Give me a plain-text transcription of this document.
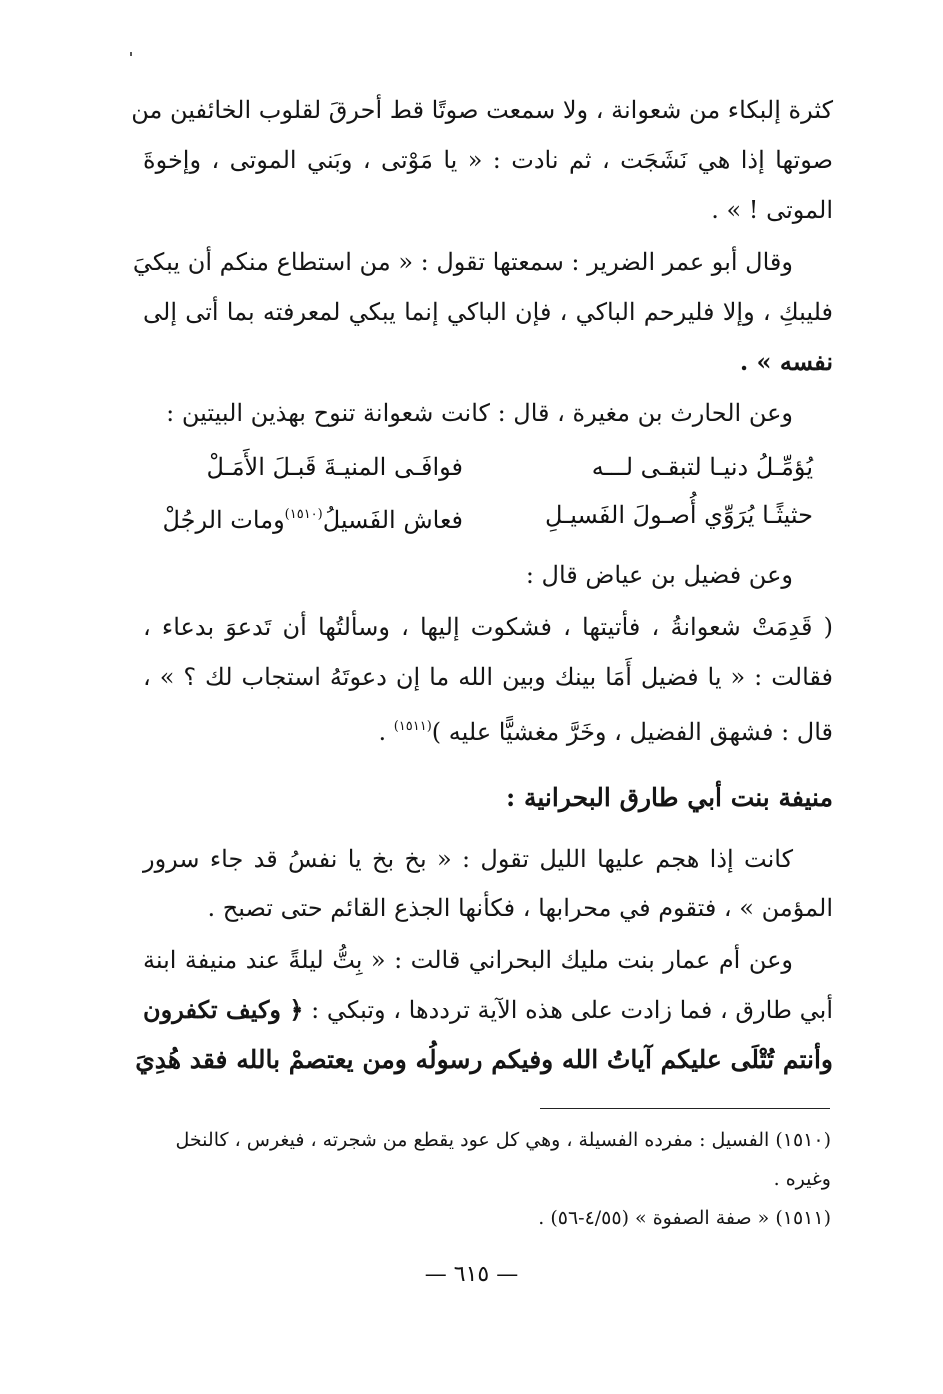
كثرة إلبكاء من شعوانة ، ولا سمعت صوتًا قط أحرقَ لقلوب الخائفين من
صوتها إذا هي نَشَجَت ، ثم نادت : « يا مَوْتى ، وبَني الموتى ، وإخوةَ
الموتى ! » .
وقال أبو عمر الضرير : سمعتها تقول : « من استطاع منكم أن يبكيَ
فليبكِ ، وإلا فليرحم الباكي ، فإن الباكي إنما يبكي لمعرفته بما أتى إلى
نفسه » .
وعن الحارث بن مغيرة ، قال : كانت شعوانة تنوح بهذين البيتين :
يُؤمِّـلُ دنيـا لتبقـى لـــه
فوافَـى المنيـةَ قَبـلَ الأَمَـلْ
حثيثًـا يُرَوِّي أُصـولَ الفَسيـلِ
فعاش الفَسيلُ$^{(١٥١٠)}$ومات الرجُلْ
وعن فضيل بن عياض قال :
( قَدِمَتْ شعوانةُ ، فأتيتها ، فشكوت إليها ، وسألتُها أن تَدعوَ بدعاء ،
فقالت : « يا فضيل أَمَا بينك وبين الله ما إن دعوتَهُ استجاب لك ؟ » ،
قال : فشهق الفضيل ، وخَرَّ مغشيًّا عليه )$^{(١٥١١)}$ .
منيفة بنت أبي طارق البحرانية :
كانت إذا هجم عليها الليل تقول : « بخ بخ يا نفسُ قد جاء سرور
المؤمن » ، فتقوم في محرابها ، فكأنها الجذع القائم حتى تصبح .
وعن أم عمار بنت مليك البحراني قالت : « بِتُّ ليلةً عند منيفة ابنة
أبي طارق ، فما زادت على هذه الآية ترددها ، وتبكي : ﴿ وكيف تكفرون
وأنتم تُتْلَى عليكم آياتُ الله وفيكم رسولُه ومن يعتصمْ بالله فقد هُدِيَ
(١٥١٠) الفسيل : مفرده الفسيلة ، وهي كل عود يقطع من شجرته ، فيغرس ، كالنخل
وغيره .
(١٥١١) « صفة الصفوة » (٤/٥٥-٥٦) .
— ٦١٥ —
